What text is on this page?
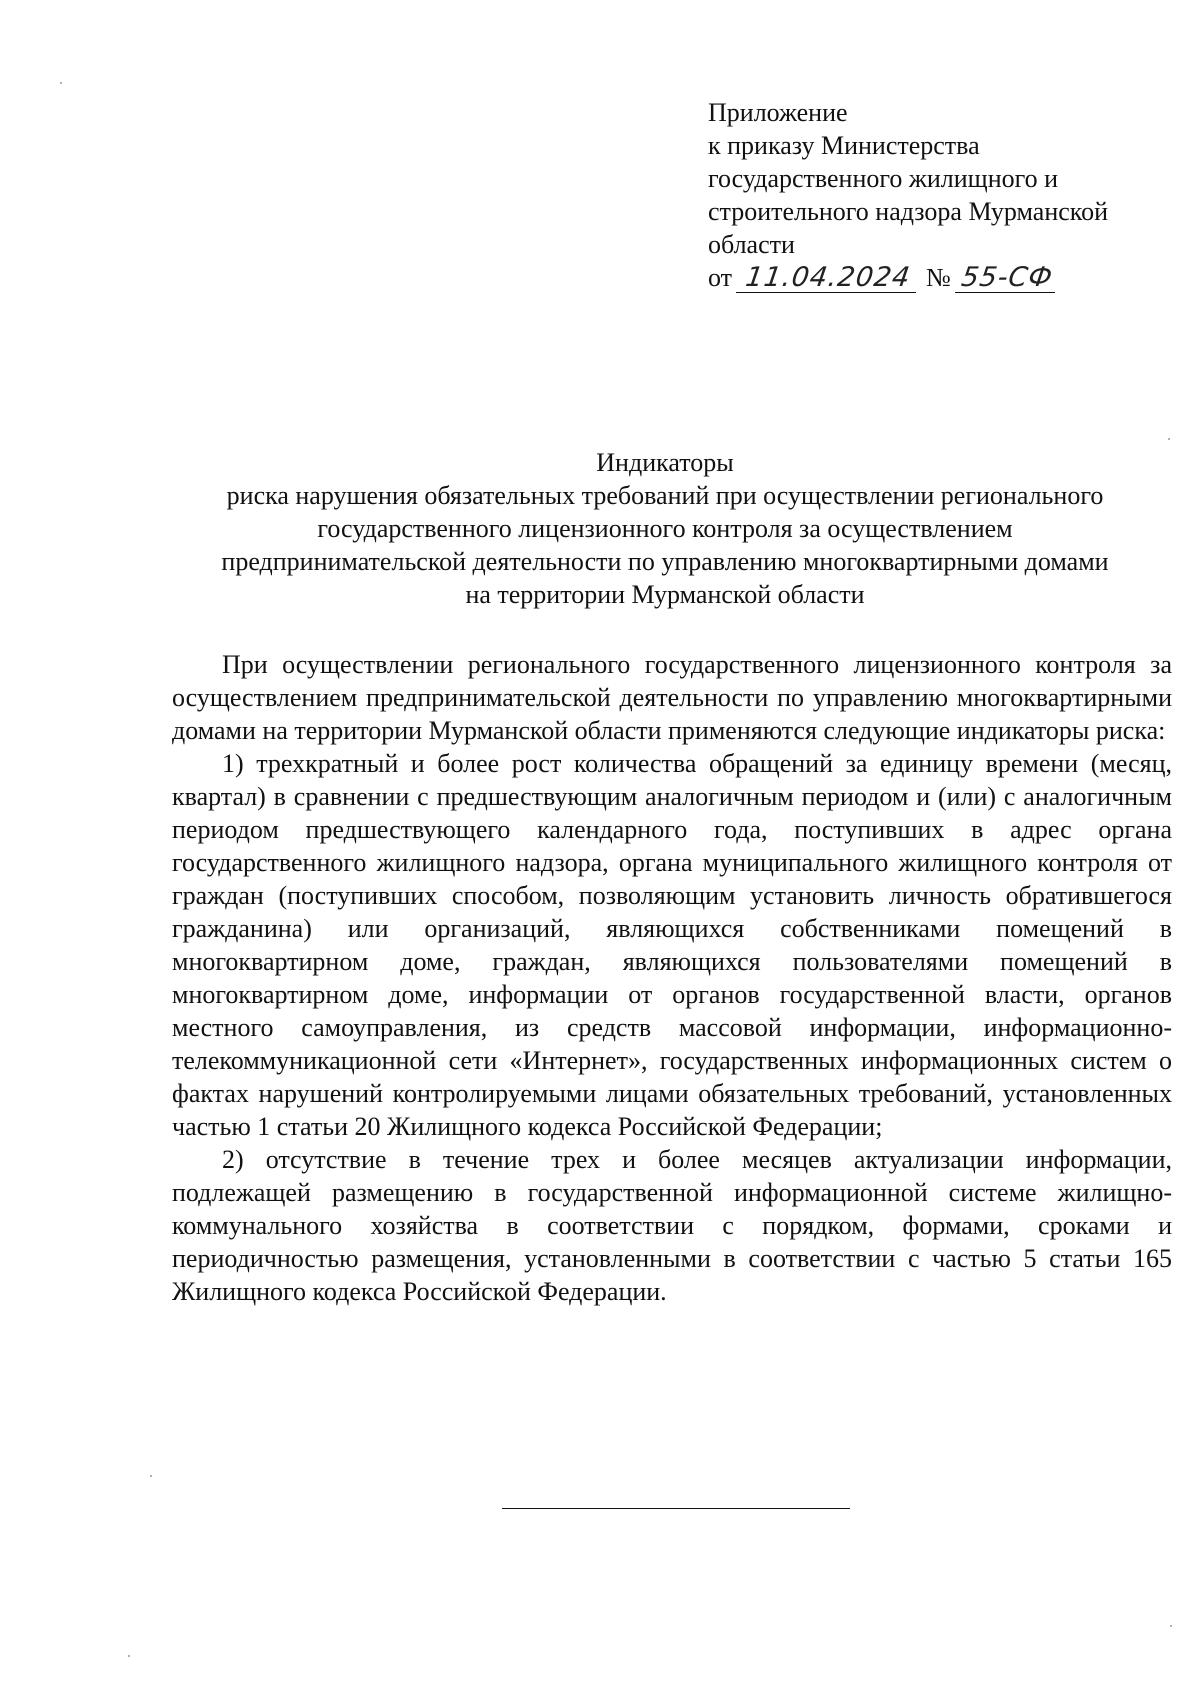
Приложение
к приказу Министерства
государственного жилищного и
строительного надзора Мурманской
области
от 11.04.2024 № 55-СФ
Индикаторы
риска нарушения обязательных требований при осуществлении регионального
государственного лицензионного контроля за осуществлением
предпринимательской деятельности по управлению многоквартирными домами
на территории Мурманской области

При осуществлении регионального государственного лицензионного контроля за осуществлением предпринимательской деятельности по управлению многоквартирными домами на территории Мурманской области применяются следующие индикаторы риска:

1) трехкратный и более рост количества обращений за единицу времени (месяц, квартал) в сравнении с предшествующим аналогичным периодом и (или) с аналогичным периодом предшествующего календарного года, поступивших в адрес органа государственного жилищного надзора, органа муниципального жилищного контроля от граждан (поступивших способом, позволяющим установить личность обратившегося гражданина) или организаций, являющихся собственниками помещений в многоквартирном доме, граждан, являющихся пользователями помещений в многоквартирном доме, информации от органов государственной власти, органов местного самоуправления, из средств массовой информации, информационно-телекоммуникационной сети «Интернет», государственных информационных систем о фактах нарушений контролируемыми лицами обязательных требований, установленных частью 1 статьи 20 Жилищного кодекса Российской Федерации;

2) отсутствие в течение трех и более месяцев актуализации информации, подлежащей размещению в государственной информационной системе жилищно-коммунального хозяйства в соответствии с порядком, формами, сроками и периодичностью размещения, установленными в соответствии с частью 5 статьи 165 Жилищного кодекса Российской Федерации.
